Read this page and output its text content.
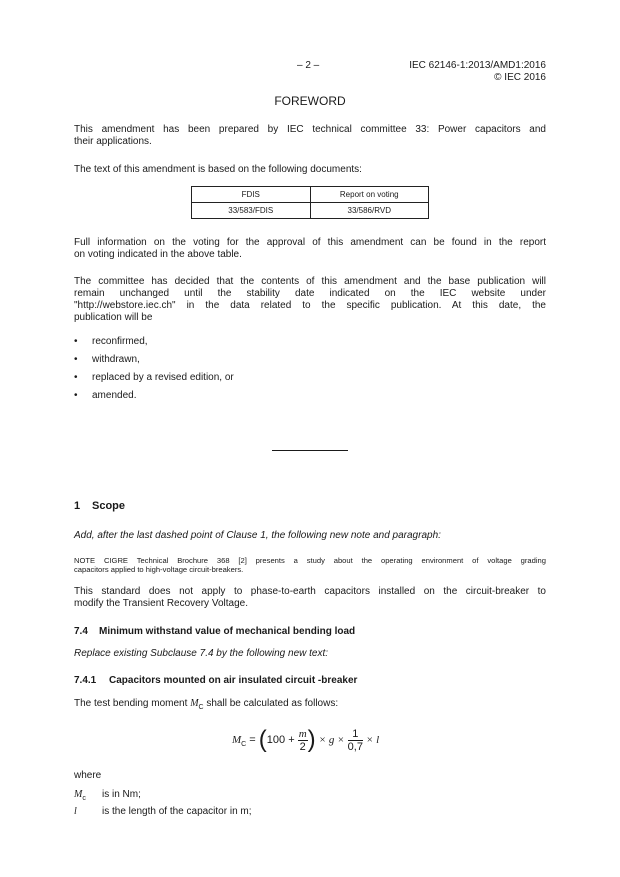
– 2 –	IEC 62146-1:2013/AMD1:2016
© IEC 2016
FOREWORD
This amendment has been prepared by IEC technical committee 33: Power capacitors and
their applications.
The text of this amendment is based on the following documents:
FDIS	Report on voting
33/583/FDIS	33/586/RVD
Full information on the voting for the approval of this amendment can be found in the report
on voting indicated in the above table.
The committee has decided that the contents of this amendment and the base publication will
remain unchanged until the stability date indicated on the IEC website under
"http://webstore.iec.ch" in the data related to the specific publication. At this date, the
publication will be
• reconfirmed,
• withdrawn,
• replaced by a revised edition, or
• amended.
1 Scope
Add, after the last dashed point of Clause 1, the following new note and paragraph:
NOTE CIGRE Technical Brochure 368 [2] presents a study about the operating environment of voltage grading
capacitors applied to high-voltage circuit-breakers.
This standard does not apply to phase-to-earth capacitors installed on the circuit-breaker to
modify the Transient Recovery Voltage.
7.4 Minimum withstand value of mechanical bending load
Replace existing Subclause 7.4 by the following new text:
7.4.1 Capacitors mounted on air insulated circuit -breaker
The test bending moment $M_C$ shall be calculated as follows:
$M_C = (100 + \frac{m}{2}$ ) × $g \times \frac{1}{0,7} \times l$
where
$M_c$ is in Nm;
l	is the length of the capacitor in m;
